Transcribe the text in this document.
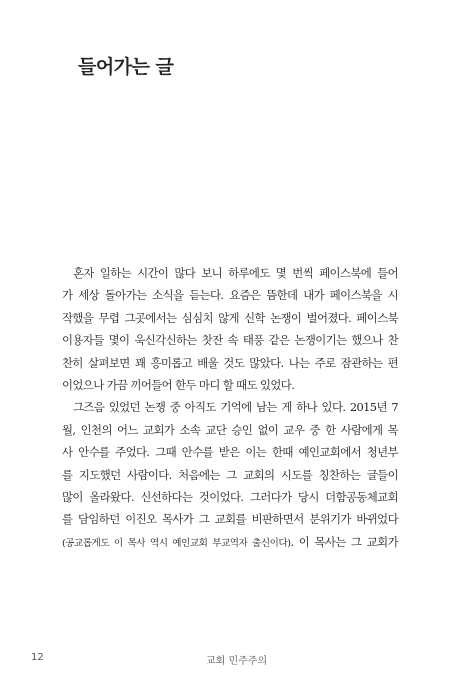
들어가는 글
혼자 일하는 시간이 많다 보니 하루에도 몇 번씩 페이스북에 들어
가 세상 돌아가는 소식을 듣는다. 요즘은 뜸한데 내가 페이스북을 시
작했을 무렵 그곳에서는 심심치 않게 신학 논쟁이 벌어졌다. 페이스북
이용자들 몇이 욱신각신하는 찻잔 속 태풍 같은 논쟁이기는 했으나 찬
찬히 살펴보면 꽤 흥미롭고 배울 것도 많았다. 나는 주로 잠관하는 편
이었으나 가끔 끼어들어 한두 마디 할 때도 있었다.
그즈음 있었던 논쟁 중 아직도 기억에 남는 게 하나 있다. 2015년 7
월, 인천의 어느 교회가 소속 교단 승인 없이 교우 중 한 사람에게 목
사 안수를 주었다. 그때 안수를 받은 이는 한때 예인교회에서 청년부
를 지도했던 사람이다. 처음에는 그 교회의 시도를 칭찬하는 글들이
많이 올라왔다. 신선하다는 것이었다. 그러다가 당시 더함공동체교회
를 담임하던 이진오 목사가 그 교회를 비판하면서 분위기가 바뀌었다
(공교롭게도 이 목사 역시 예인교회 부교역자 출신이다). 이 목사는 그 교회가
12	교회 민주주의
